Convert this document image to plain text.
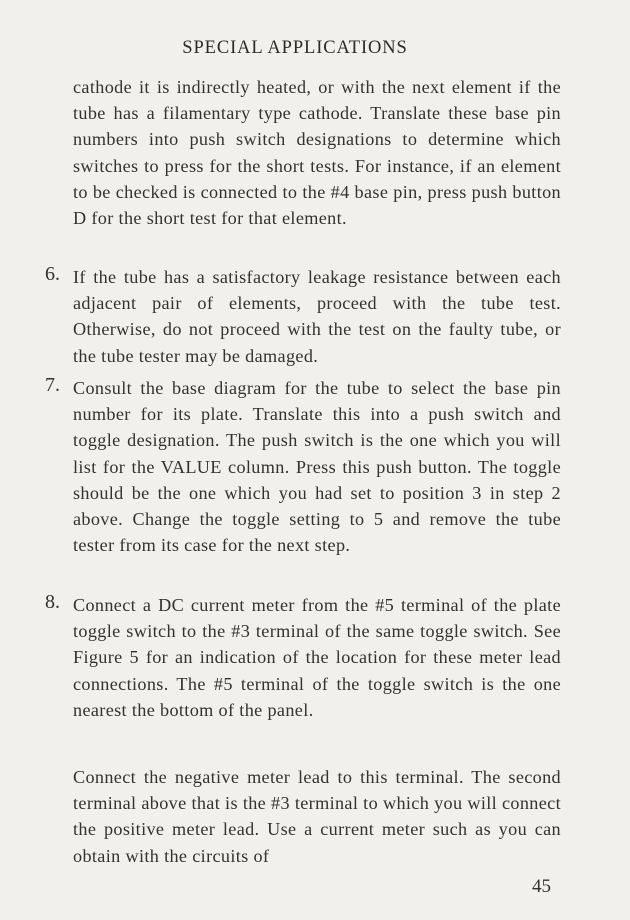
SPECIAL APPLICATIONS
cathode it is indirectly heated, or with the next element if the tube has a filamentary type cathode. Translate these base pin numbers into push switch designations to determine which switches to press for the short tests. For instance, if an element to be checked is connected to the #4 base pin, press push button D for the short test for that element.
6. If the tube has a satisfactory leakage resistance between each adjacent pair of elements, proceed with the tube test. Otherwise, do not proceed with the test on the faulty tube, or the tube tester may be damaged.
7. Consult the base diagram for the tube to select the base pin number for its plate. Translate this into a push switch and toggle designation. The push switch is the one which you will list for the VALUE column. Press this push button. The toggle should be the one which you had set to position 3 in step 2 above. Change the toggle setting to 5 and remove the tube tester from its case for the next step.
8. Connect a DC current meter from the #5 terminal of the plate toggle switch to the #3 terminal of the same toggle switch. See Figure 5 for an indication of the location for these meter lead connections. The #5 terminal of the toggle switch is the one nearest the bottom of the panel.
Connect the negative meter lead to this terminal. The second terminal above that is the #3 terminal to which you will connect the positive meter lead. Use a current meter such as you can obtain with the circuits of
45
